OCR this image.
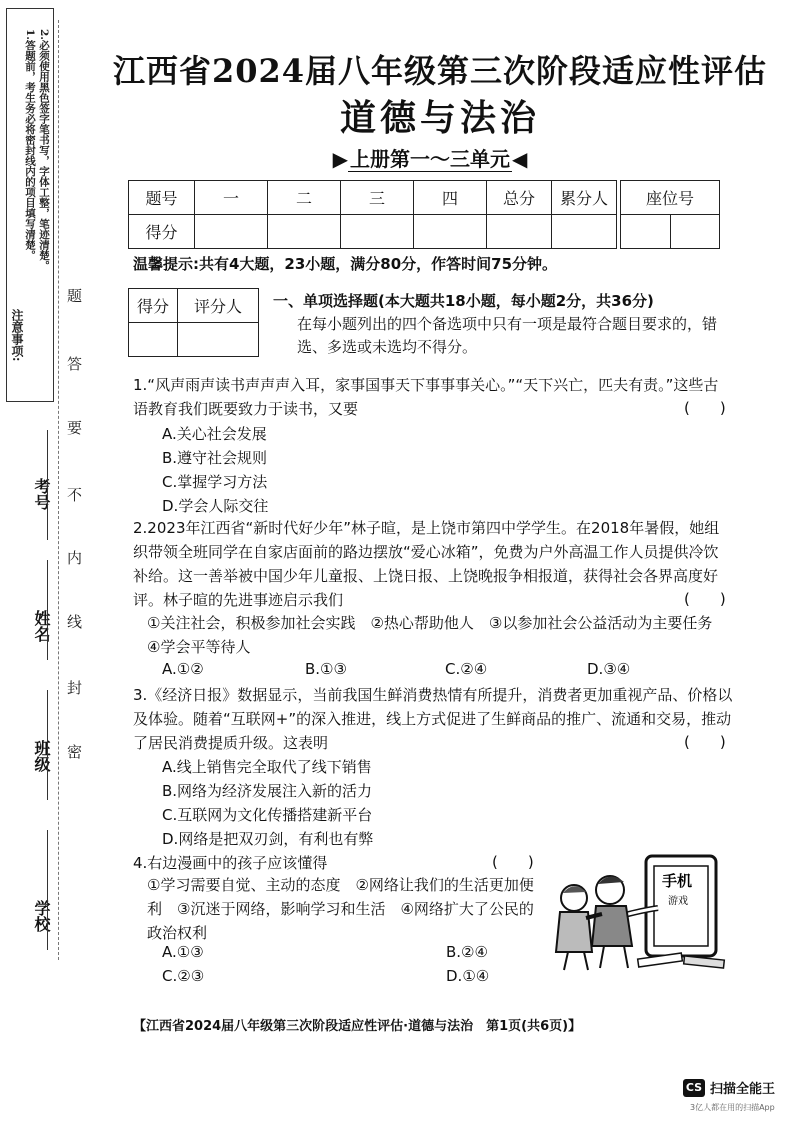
注意事项:
1.答题前，考生务必将密封线内的项目填写清楚。 2.必须使用黑色签字笔书写，字体工整，笔迹清楚。
题
答
要
不
内
线
封
密
考号
姓名
班级
学校
江西省2024届八年级第三次阶段适应性评估
道德与法治
▶ 上册第一～三单元 ◀
题号	一	二	三	四	总分	累分人
得分						
座位号

温馨提示:共有4大题，23小题，满分80分，作答时间75分钟。
得分	评分人
	一、单项选择题(本大题共18小题，每小题2分，共36分)
在每小题列出的四个备选项中只有一项是最符合题目要求的，错选、多选或未选均不得分。
1.“风声雨声读书声声声入耳，家事国事天下事事事关心。”“天下兴亡，匹夫有责。”这些古语教育我们既要致力于读书，又要	(　　)
A.关心社会发展
B.遵守社会规则
C.掌握学习方法
D.学会人际交往
2.2023年江西省“新时代好少年”林子暄，是上饶市第四中学学生。在2018年暑假，她组织带领全班同学在自家店面前的路边摆放“爱心冰箱”，免费为户外高温工作人员提供冷饮补给。这一善举被中国少年儿童报、上饶日报、上饶晚报争相报道，获得社会各界高度好评。林子暄的先进事迹启示我们	(　　)
①关注社会，积极参加社会实践　②热心帮助他人　③以参加社会公益活动为主要任务　④学会平等待人
A.①②	B.①③	C.②④	D.③④
3.《经济日报》数据显示，当前我国生鲜消费热情有所提升，消费者更加重视产品、价格以及体验。随着“互联网+”的深入推进，线上方式促进了生鲜商品的推广、流通和交易，推动了居民消费提质升级。这表明	(　　)
A.线上销售完全取代了线下销售
B.网络为经济发展注入新的活力
C.互联网为文化传播搭建新平台
D.网络是把双刃剑，有利也有弊
4.右边漫画中的孩子应该懂得	(　　)
①学习需要自觉、主动的态度　②网络让我们的生活更加便利　③沉迷于网络，影响学习和生活　④网络扩大了公民的政治权利
A.①③	B.②④
C.②③	D.①④
手机
游戏
【江西省2024届八年级第三次阶段适应性评估·道德与法治　第1页(共6页)】
CS 扫描全能王
3亿人都在用的扫描App
